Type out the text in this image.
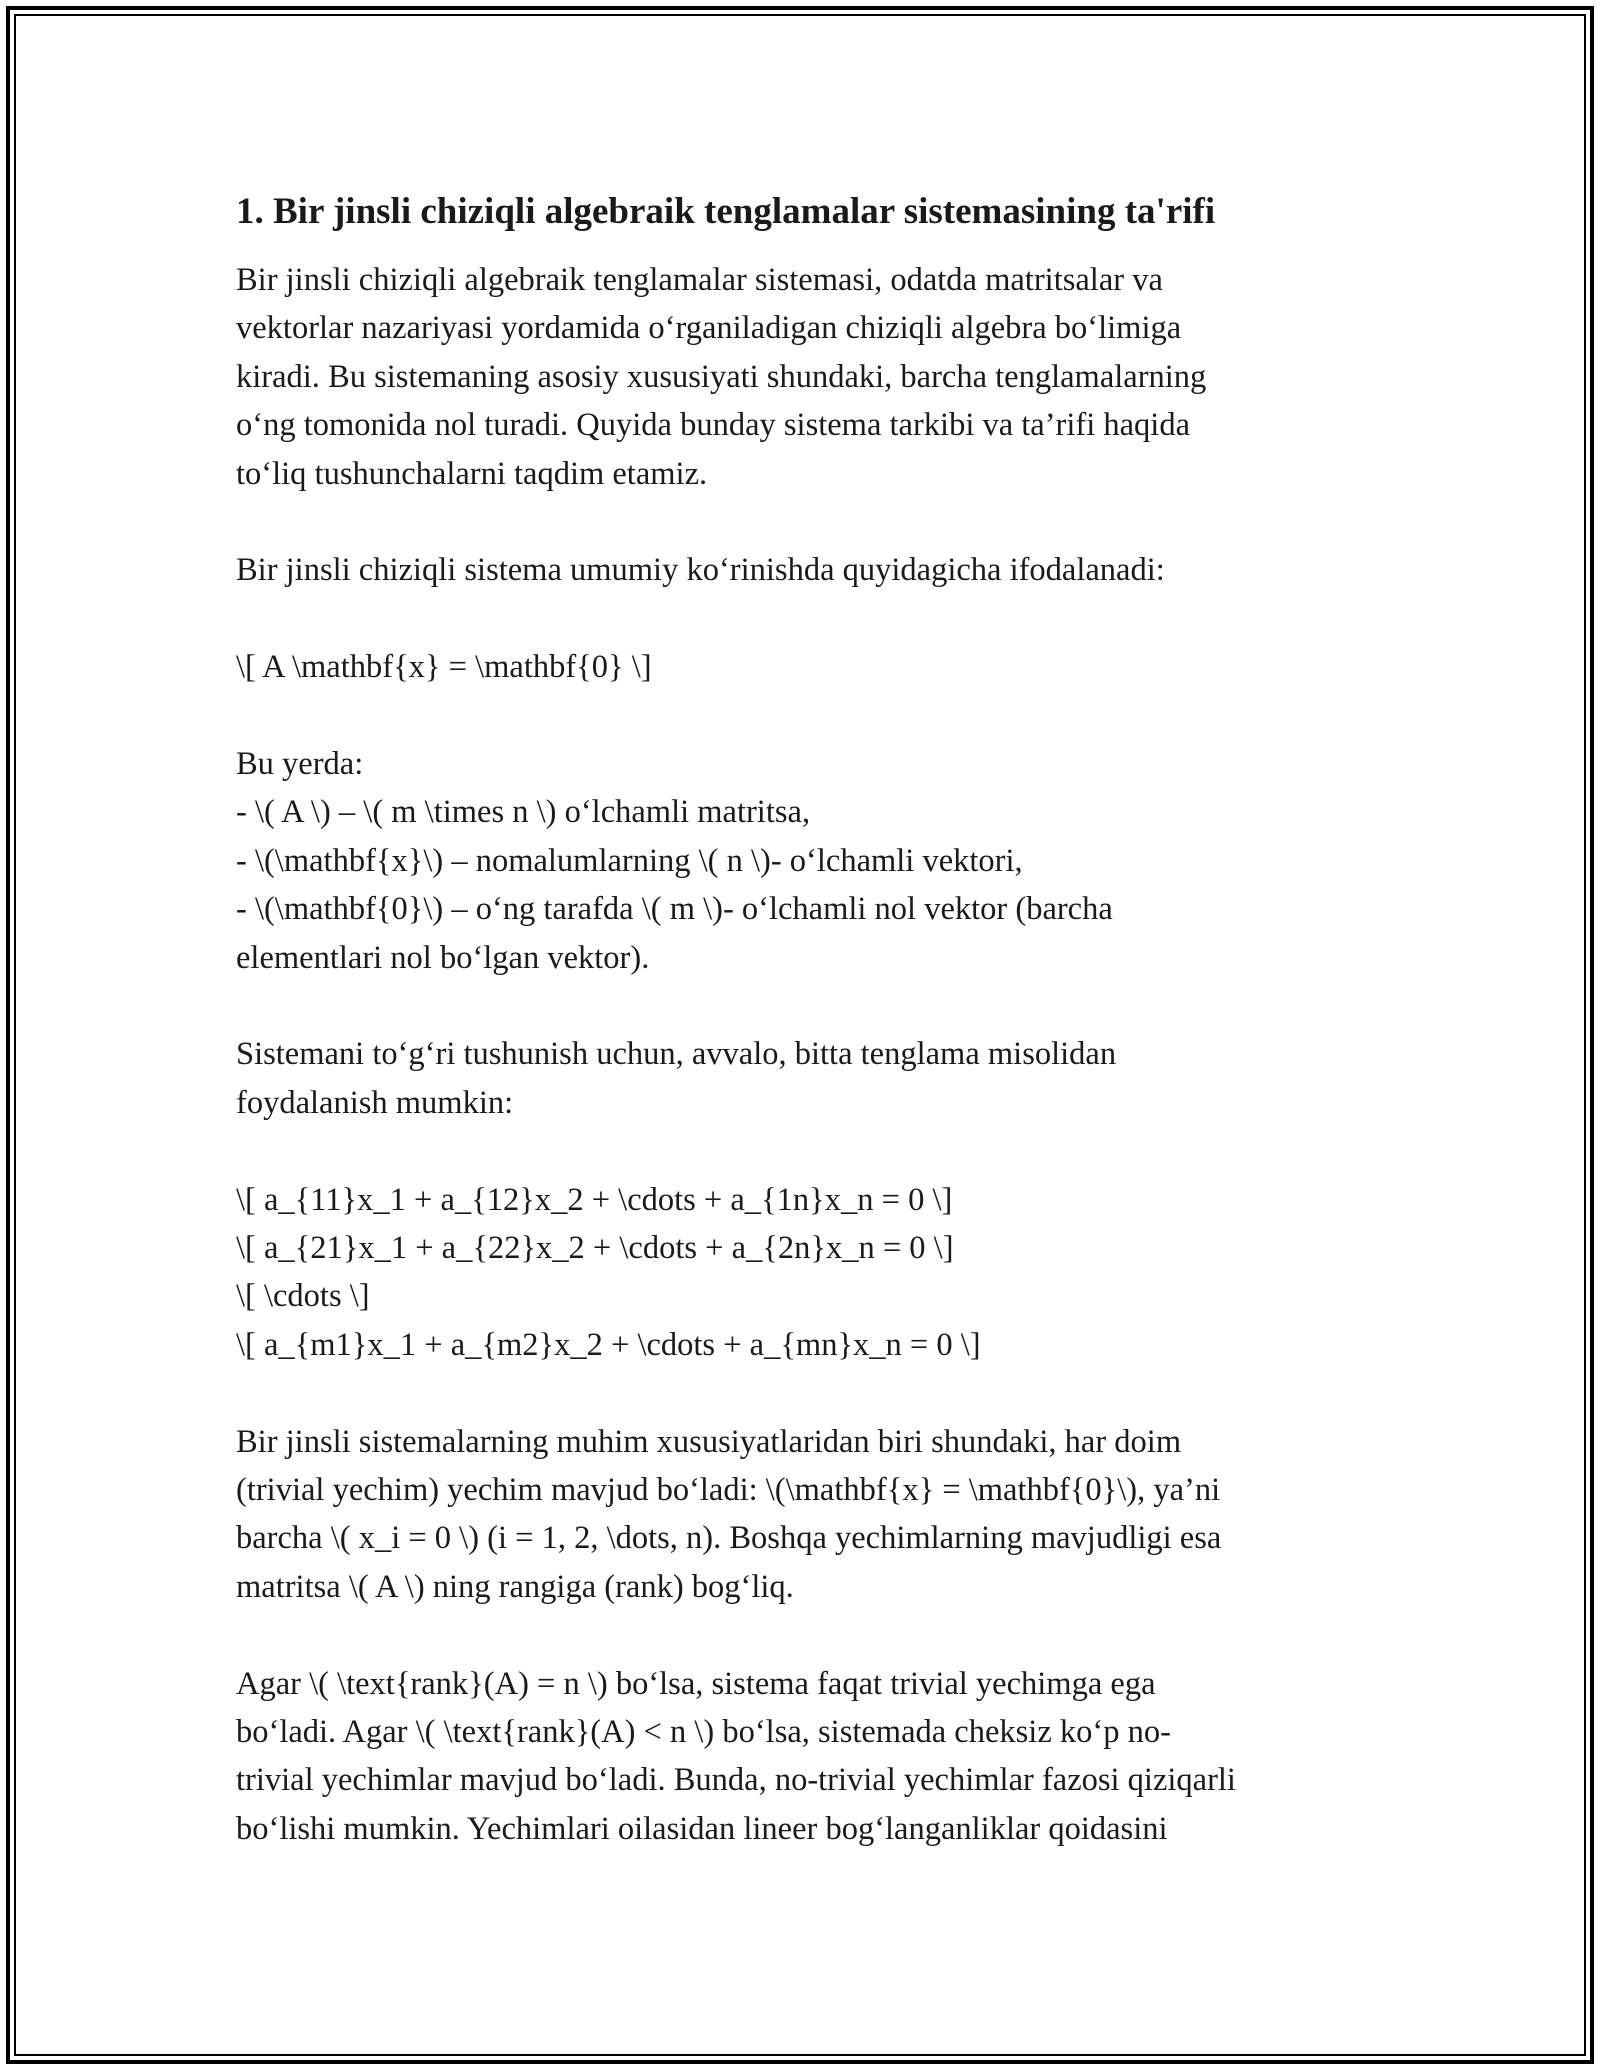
1. Bir jinsli chiziqli algebraik tenglamalar sistemasining ta'rifi
Bir jinsli chiziqli algebraik tenglamalar sistemasi, odatda matritsalar va
vektorlar nazariyasi yordamida o‘rganiladigan chiziqli algebra bo‘limiga
kiradi. Bu sistemaning asosiy xususiyati shundaki, barcha tenglamalarning
o‘ng tomonida nol turadi. Quyida bunday sistema tarkibi va ta’rifi haqida
to‘liq tushunchalarni taqdim etamiz.
Bir jinsli chiziqli sistema umumiy ko‘rinishda quyidagicha ifodalanadi:
\[ A \mathbf{x} = \mathbf{0} \]
Bu yerda:
- \( A \) – \( m \times n \) o‘lchamli matritsa,
- \(\mathbf{x}\) – nomalumlarning \( n \)- o‘lchamli vektori,
- \(\mathbf{0}\) – o‘ng tarafda \( m \)- o‘lchamli nol vektor (barcha
elementlari nol bo‘lgan vektor).
Sistemani to‘g‘ri tushunish uchun, avvalo, bitta tenglama misolidan
foydalanish mumkin:
\[ a_{11}x_1 + a_{12}x_2 + \cdots + a_{1n}x_n = 0 \]
\[ a_{21}x_1 + a_{22}x_2 + \cdots + a_{2n}x_n = 0 \]
\[ \cdots \]
\[ a_{m1}x_1 + a_{m2}x_2 + \cdots + a_{mn}x_n = 0 \]
Bir jinsli sistemalarning muhim xususiyatlaridan biri shundaki, har doim
(trivial yechim) yechim mavjud bo‘ladi: \(\mathbf{x} = \mathbf{0}\), ya’ni
barcha \( x_i = 0 \) (i = 1, 2, \dots, n). Boshqa yechimlarning mavjudligi esa
matritsa \( A \) ning rangiga (rank) bog‘liq.
Agar \( \text{rank}(A) = n \) bo‘lsa, sistema faqat trivial yechimga ega
bo‘ladi. Agar \( \text{rank}(A) < n \) bo‘lsa, sistemada cheksiz ko‘p no-
trivial yechimlar mavjud bo‘ladi. Bunda, no-trivial yechimlar fazosi qiziqarli
bo‘lishi mumkin. Yechimlari oilasidan lineer bog‘langanliklar qoidasini
